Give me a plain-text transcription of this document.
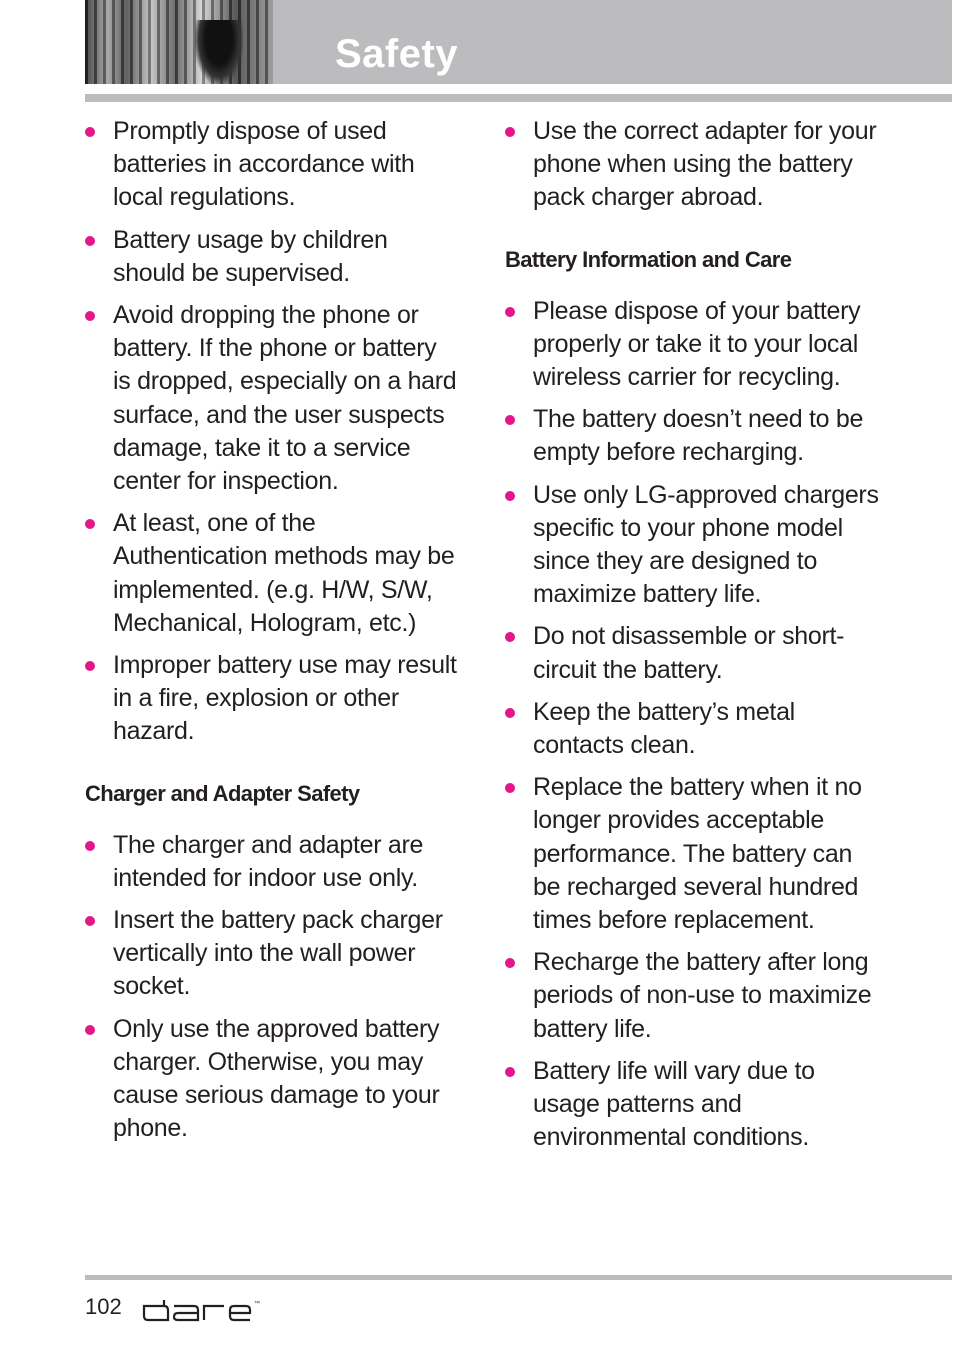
Safety
Promptly dispose of used batteries in accordance with local regulations.
Battery usage by children should be supervised.
Avoid dropping the phone or battery. If the phone or battery is dropped, especially on a hard surface, and the user suspects damage, take it to a service center for inspection.
At least, one of the Authentication methods may be implemented. (e.g. H/W, S/W, Mechanical, Hologram, etc.)
Improper battery use may result in a fire, explosion or other hazard.
Charger and Adapter Safety
The charger and adapter are intended for indoor use only.
Insert the battery pack charger vertically into the wall power socket.
Only use the approved battery charger. Otherwise, you may cause serious damage to your phone.
Use the correct adapter for your phone when using the battery pack charger abroad.
Battery Information and Care
Please dispose of your battery properly or take it to your local wireless carrier for recycling.
The battery doesn’t need to be empty before recharging.
Use only LG-approved chargers specific to your phone model since they are designed to maximize battery life.
Do not disassemble or short-circuit the battery.
Keep the battery’s metal contacts clean.
Replace the battery when it no longer provides acceptable performance. The battery can be recharged several hundred times before replacement.
Recharge the battery after long periods of non-use to maximize battery life.
Battery life will vary due to usage patterns and environmental conditions.
102	™
